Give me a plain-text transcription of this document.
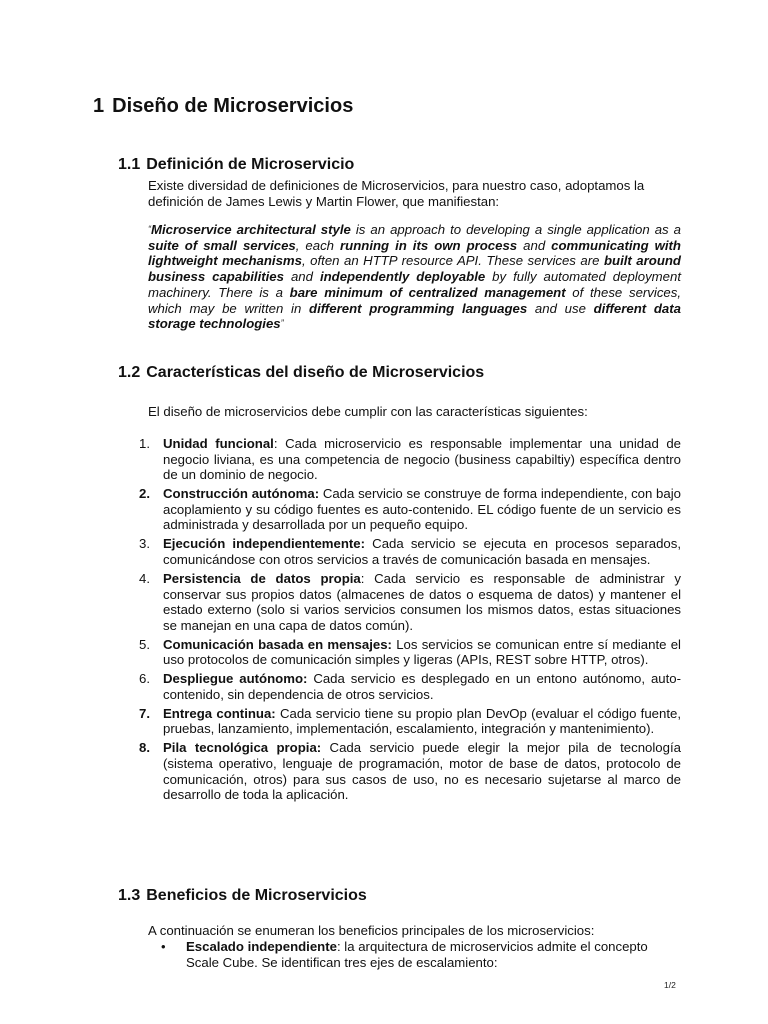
1 Diseño de Microservicios
1.1 Definición de Microservicio

Existe diversidad de definiciones de Microservicios, para nuestro caso, adoptamos la definición de James Lewis y Martin Flower, que manifiestan:

“Microservice architectural style is an approach to developing a single application as a suite of small services, each running in its own process and communicating with lightweight mechanisms, often an HTTP resource API. These services are built around business capabilities and independently deployable by fully automated deployment machinery. There is a bare minimum of centralized management of these services, which may be written in different programming languages and use different data storage technologies”

1.2 Características del diseño de Microservicios

El diseño de microservicios debe cumplir con las características siguientes:

1. Unidad funcional: Cada microservicio es responsable implementar una unidad de negocio liviana, es una competencia de negocio (business capabiltiy) específica dentro de un dominio de negocio.
2. Construcción autónoma: Cada servicio se construye de forma independiente, con bajo acoplamiento y su código fuentes es auto-contenido. EL código fuente de un servicio es administrada y desarrollada por un pequeño equipo.
3. Ejecución independientemente: Cada servicio se ejecuta en procesos separados, comunicándose con otros servicios a través de comunicación basada en mensajes.
4. Persistencia de datos propia: Cada servicio es responsable de administrar y conservar sus propios datos (almacenes de datos o esquema de datos) y mantener el estado externo (solo si varios servicios consumen los mismos datos, estas situaciones se manejan en una capa de datos común).
5. Comunicación basada en mensajes: Los servicios se comunican entre sí mediante el uso protocolos de comunicación simples y ligeras (APIs, REST sobre HTTP, otros).
6. Despliegue autónomo: Cada servicio es desplegado en un entono autónomo, auto-contenido, sin dependencia de otros servicios.
7. Entrega continua: Cada servicio tiene su propio plan DevOp (evaluar el código fuente, pruebas, lanzamiento, implementación, escalamiento, integración y mantenimiento).
8. Pila tecnológica propia: Cada servicio puede elegir la mejor pila de tecnología (sistema operativo, lenguaje de programación, motor de base de datos, protocolo de comunicación, otros) para sus casos de uso, no es necesario sujetarse al marco de desarrollo de toda la aplicación.
1.3 Beneficios de Microservicios

A continuación se enumeran los beneficios principales de los microservicios:

• Escalado independiente: la arquitectura de microservicios admite el concepto Scale Cube. Se identifican tres ejes de escalamiento:
1/2
